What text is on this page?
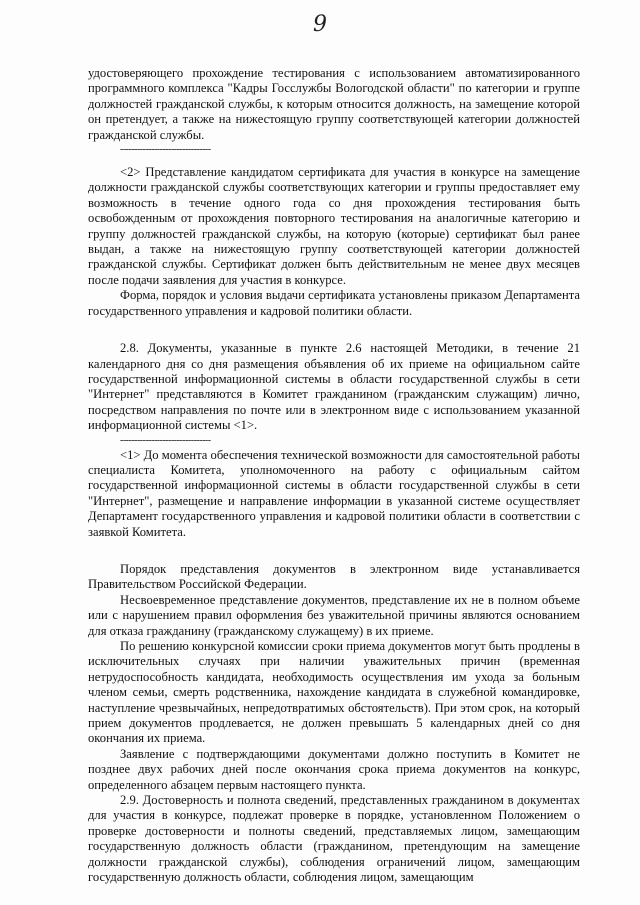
9

удостоверяющего прохождение тестирования с использованием автоматизированного программного комплекса "Кадры Госслужбы Вологодской области" по категории и группе должностей гражданской службы, к которым относится должность, на замещение которой он претендует, а также на нижестоящую группу соответствующей категории должностей гражданской службы.

--------------------------------

<2> Представление кандидатом сертификата для участия в конкурсе на замещение должности гражданской службы соответствующих категории и группы предоставляет ему возможность в течение одного года со дня прохождения тестирования быть освобожденным от прохождения повторного тестирования на аналогичные категорию и группу должностей гражданской службы, на которую (которые) сертификат был ранее выдан, а также на нижестоящую группу соответствующей категории должностей гражданской службы. Сертификат должен быть действительным не менее двух месяцев после подачи заявления для участия в конкурсе.

Форма, порядок и условия выдачи сертификата установлены приказом Департамента государственного управления и кадровой политики области.

2.8. Документы, указанные в пункте 2.6 настоящей Методики, в течение 21 календарного дня со дня размещения объявления об их приеме на официальном сайте государственной информационной системы в области государственной службы в сети "Интернет" представляются в Комитет гражданином (гражданским служащим) лично, посредством направления по почте или в электронном виде с использованием указанной информационной системы <1>.

--------------------------------

<1> До момента обеспечения технической возможности для самостоятельной работы специалиста Комитета, уполномоченного на работу с официальным сайтом государственной информационной системы в области государственной службы в сети "Интернет", размещение и направление информации в указанной системе осуществляет Департамент государственного управления и кадровой политики области в соответствии с заявкой Комитета.

Порядок представления документов в электронном виде устанавливается Правительством Российской Федерации.

Несвоевременное представление документов, представление их не в полном объеме или с нарушением правил оформления без уважительной причины являются основанием для отказа гражданину (гражданскому служащему) в их приеме.

По решению конкурсной комиссии сроки приема документов могут быть продлены в исключительных случаях при наличии уважительных причин (временная нетрудоспособность кандидата, необходимость осуществления им ухода за больным членом семьи, смерть родственника, нахождение кандидата в служебной командировке, наступление чрезвычайных, непредотвратимых обстоятельств). При этом срок, на который прием документов продлевается, не должен превышать 5 календарных дней со дня окончания их приема.

Заявление с подтверждающими документами должно поступить в Комитет не позднее двух рабочих дней после окончания срока приема документов на конкурс, определенного абзацем первым настоящего пункта.

2.9. Достоверность и полнота сведений, представленных гражданином в документах для участия в конкурсе, подлежат проверке в порядке, установленном Положением о проверке достоверности и полноты сведений, представляемых лицом, замещающим государственную должность области (гражданином, претендующим на замещение должности гражданской службы), соблюдения ограничений лицом, замещающим государственную должность области, соблюдения лицом, замещающим
